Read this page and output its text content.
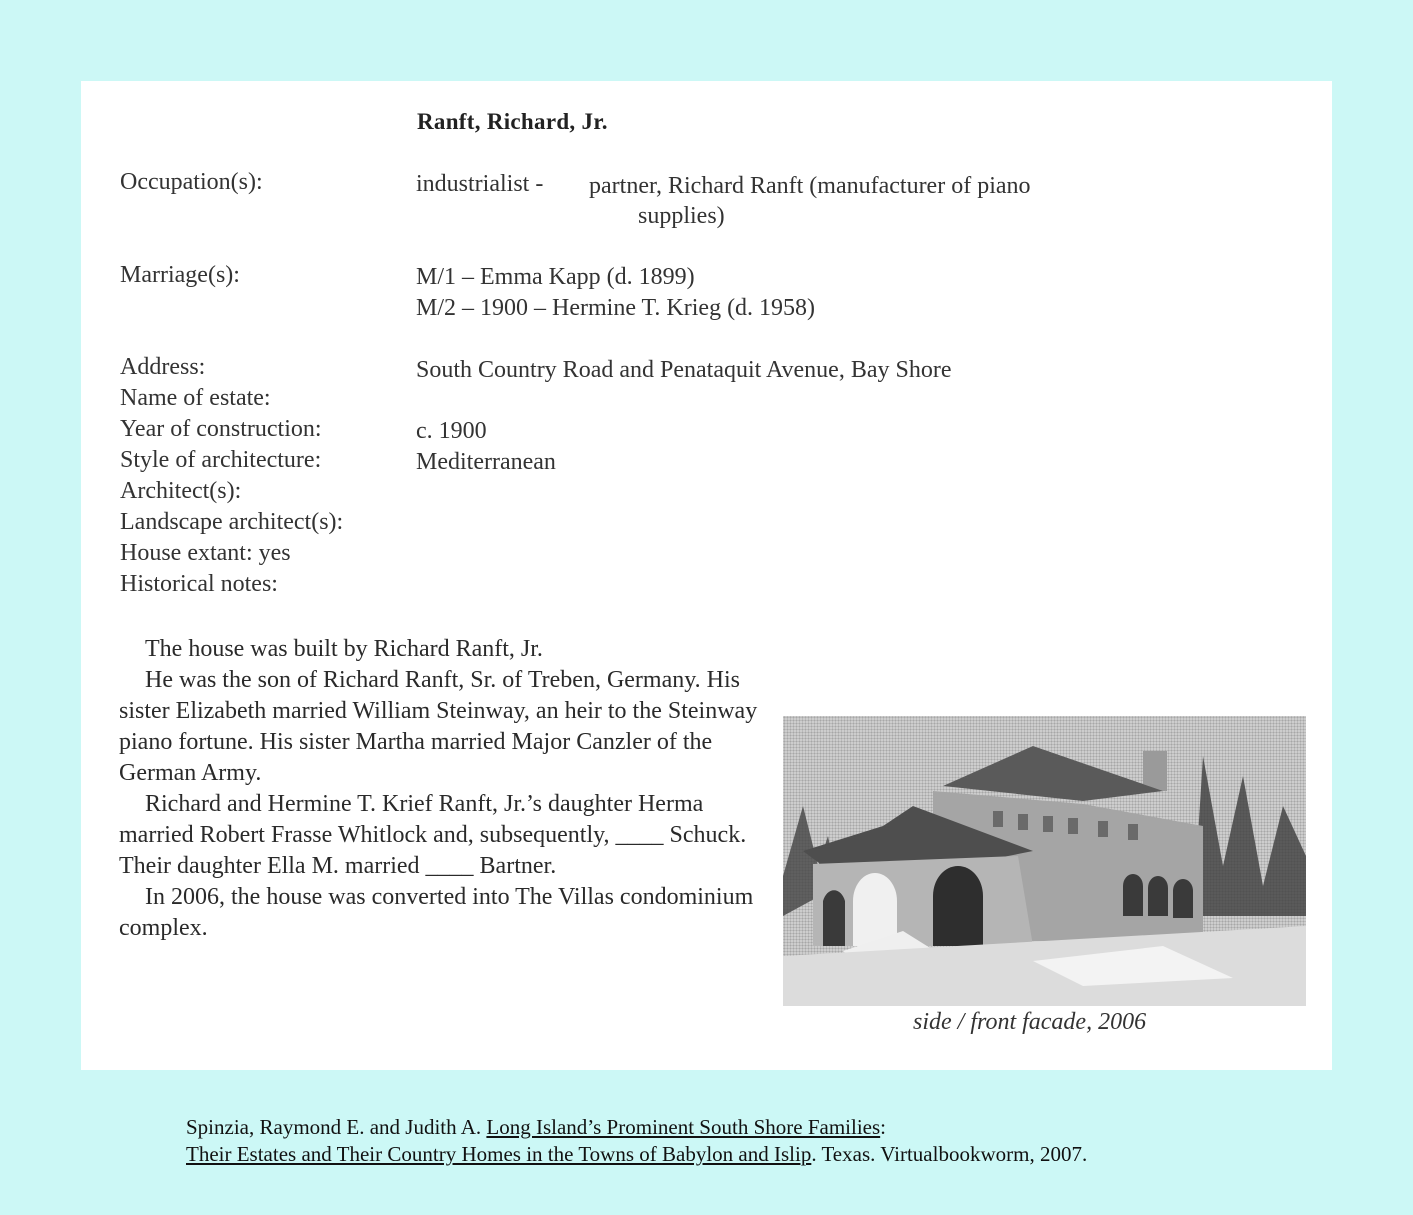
Ranft, Richard, Jr.
Occupation(s):	industrialist - partner, Richard Ranft (manufacturer of piano
supplies)
Marriage(s):	M/1 – Emma Kapp (d. 1899)
M/2 – 1900 – Hermine T. Krieg (d. 1958)
Address:	South Country Road and Penataquit Avenue, Bay Shore
Name of estate:
Year of construction:	c. 1900
Style of architecture:	Mediterranean
Architect(s):
Landscape architect(s):
House extant: yes
Historical notes:

The house was built by Richard Ranft, Jr.

He was the son of Richard Ranft, Sr. of Treben, Germany. His sister Elizabeth married William Steinway, an heir to the Steinway piano fortune. His sister Martha married Major Canzler of the German Army.

Richard and Hermine T. Krief Ranft, Jr.’s daughter Herma married Robert Frasse Whitlock and, subsequently, ____ Schuck. Their daughter Ella M. married ____ Bartner.

In 2006, the house was converted into The Villas condominium complex.

side / front facade, 2006
Spinzia, Raymond E. and Judith A. Long Island’s Prominent South Shore Families:
Their Estates and Their Country Homes in the Towns of Babylon and Islip. Texas. Virtualbookworm, 2007.
